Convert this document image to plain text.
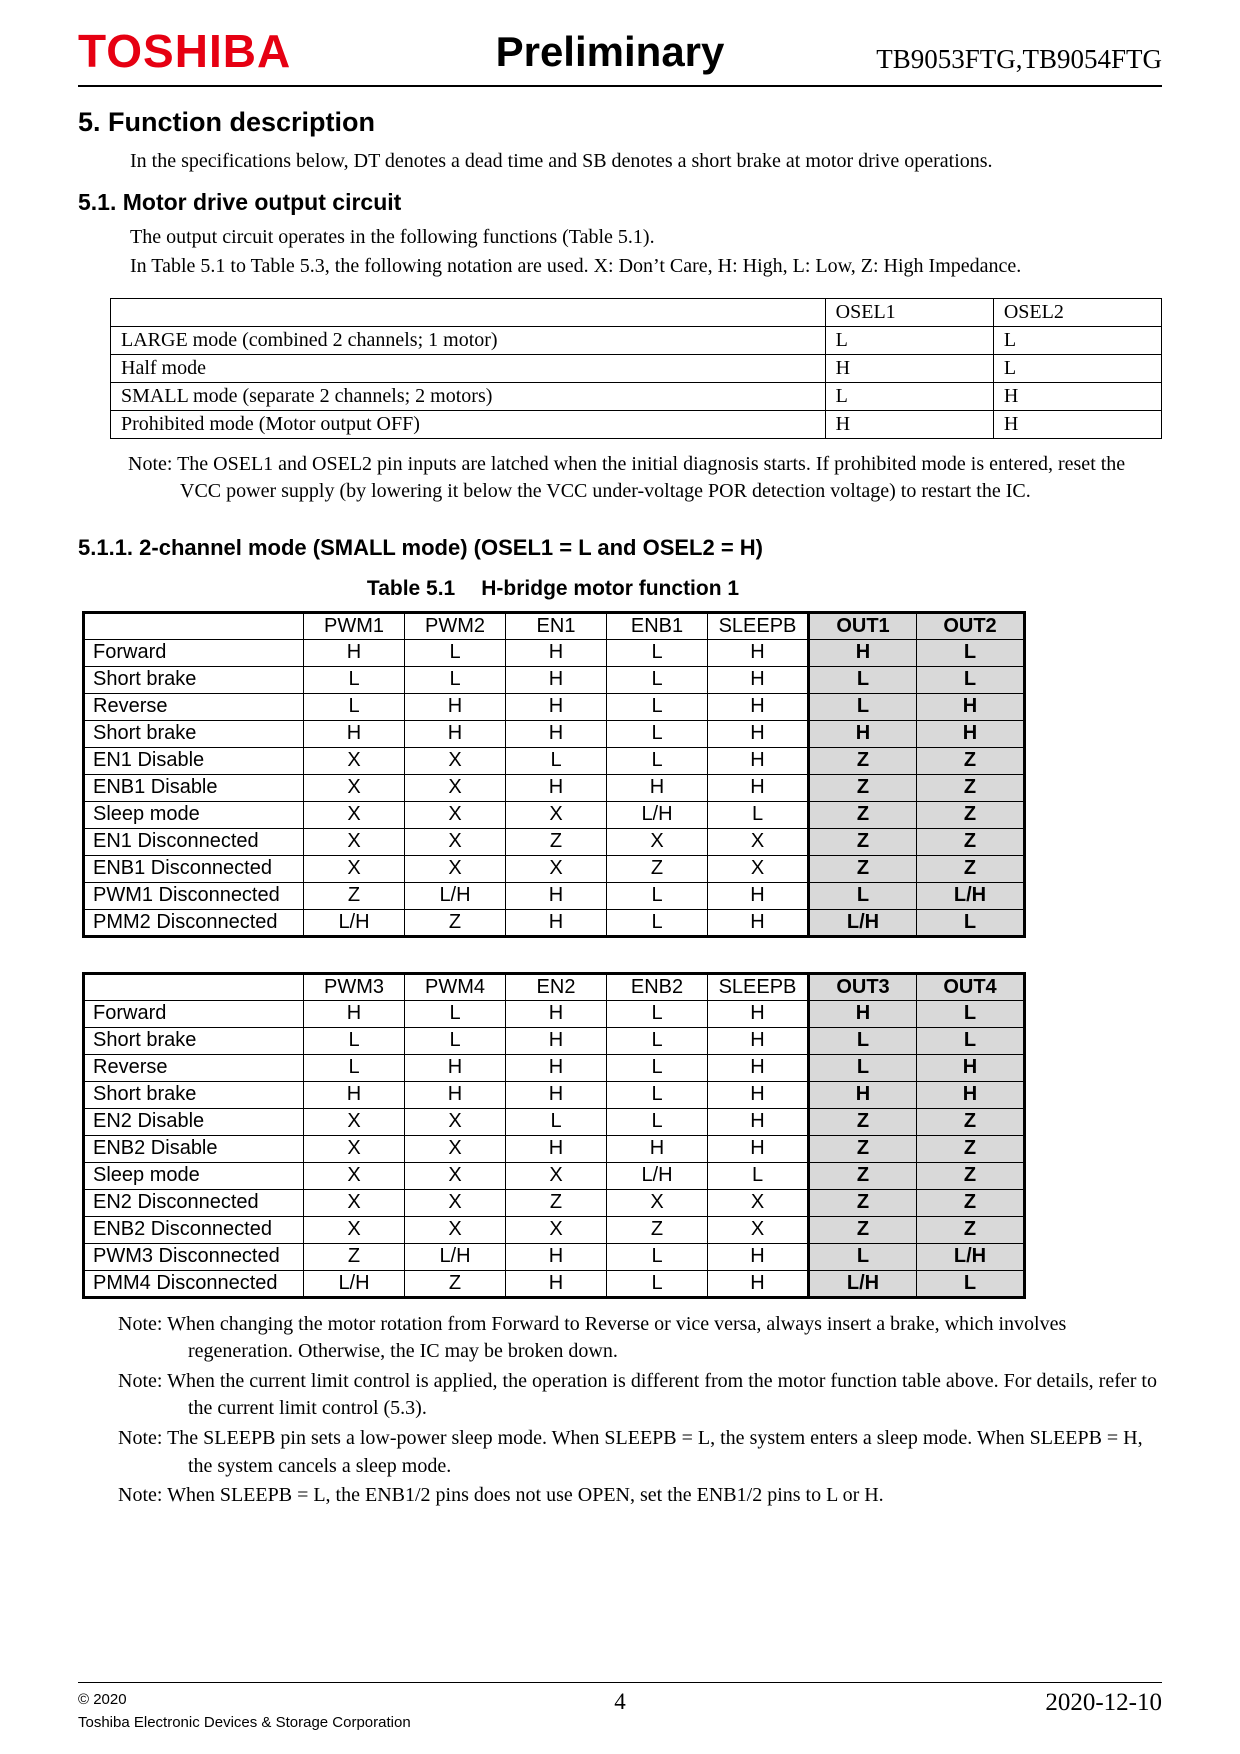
TOSHIBA	Preliminary	TB9053FTG,TB9054FTG
5. Function description

In the specifications below, DT denotes a dead time and SB denotes a short brake at motor drive operations.

5.1. Motor drive output circuit

The output circuit operates in the following functions (Table 5.1).

In Table 5.1 to Table 5.3, the following notation are used. X: Don’t Care, H: High, L: Low, Z: High Impedance.

	OSEL1	OSEL2
LARGE mode (combined 2 channels; 1 motor)	L	L
Half mode	H	L
SMALL mode (separate 2 channels; 2 motors)	L	H
Prohibited mode (Motor output OFF)	H	H

Note: The OSEL1 and OSEL2 pin inputs are latched when the initial diagnosis starts. If prohibited mode is entered, reset the VCC power supply (by lowering it below the VCC under-voltage POR detection voltage) to restart the IC.

5.1.1. 2-channel mode (SMALL mode) (OSEL1 = L and OSEL2 = H)
Table 5.1 H-bridge motor function 1
	PWM1	PWM2	EN1	ENB1	SLEEPB	OUT1	OUT2
Forward	H	L	H	L	H	H	L
Short brake	L	L	H	L	H	L	L
Reverse	L	H	H	L	H	L	H
Short brake	H	H	H	L	H	H	H
EN1 Disable	X	X	L	L	H	Z	Z
ENB1 Disable	X	X	H	H	H	Z	Z
Sleep mode	X	X	X	L/H	L	Z	Z
EN1 Disconnected	X	X	Z	X	X	Z	Z
ENB1 Disconnected	X	X	X	Z	X	Z	Z
PWM1 Disconnected	Z	L/H	H	L	H	L	L/H
PMM2 Disconnected	L/H	Z	H	L	H	L/H	L
	PWM3	PWM4	EN2	ENB2	SLEEPB	OUT3	OUT4
Forward	H	L	H	L	H	H	L
Short brake	L	L	H	L	H	L	L
Reverse	L	H	H	L	H	L	H
Short brake	H	H	H	L	H	H	H
EN2 Disable	X	X	L	L	H	Z	Z
ENB2 Disable	X	X	H	H	H	Z	Z
Sleep mode	X	X	X	L/H	L	Z	Z
EN2 Disconnected	X	X	Z	X	X	Z	Z
ENB2 Disconnected	X	X	X	Z	X	Z	Z
PWM3 Disconnected	Z	L/H	H	L	H	L	L/H
PMM4 Disconnected	L/H	Z	H	L	H	L/H	L

Note: When changing the motor rotation from Forward to Reverse or vice versa, always insert a brake, which involves regeneration. Otherwise, the IC may be broken down.

Note: When the current limit control is applied, the operation is different from the motor function table above. For details, refer to the current limit control (5.3).

Note: The SLEEPB pin sets a low-power sleep mode. When SLEEPB = L, the system enters a sleep mode. When SLEEPB = H, the system cancels a sleep mode.

Note: When SLEEPB = L, the ENB1/2 pins does not use OPEN, set the ENB1/2 pins to L or H.

© 2020
Toshiba Electronic Devices & Storage Corporation
4	2020-12-10
